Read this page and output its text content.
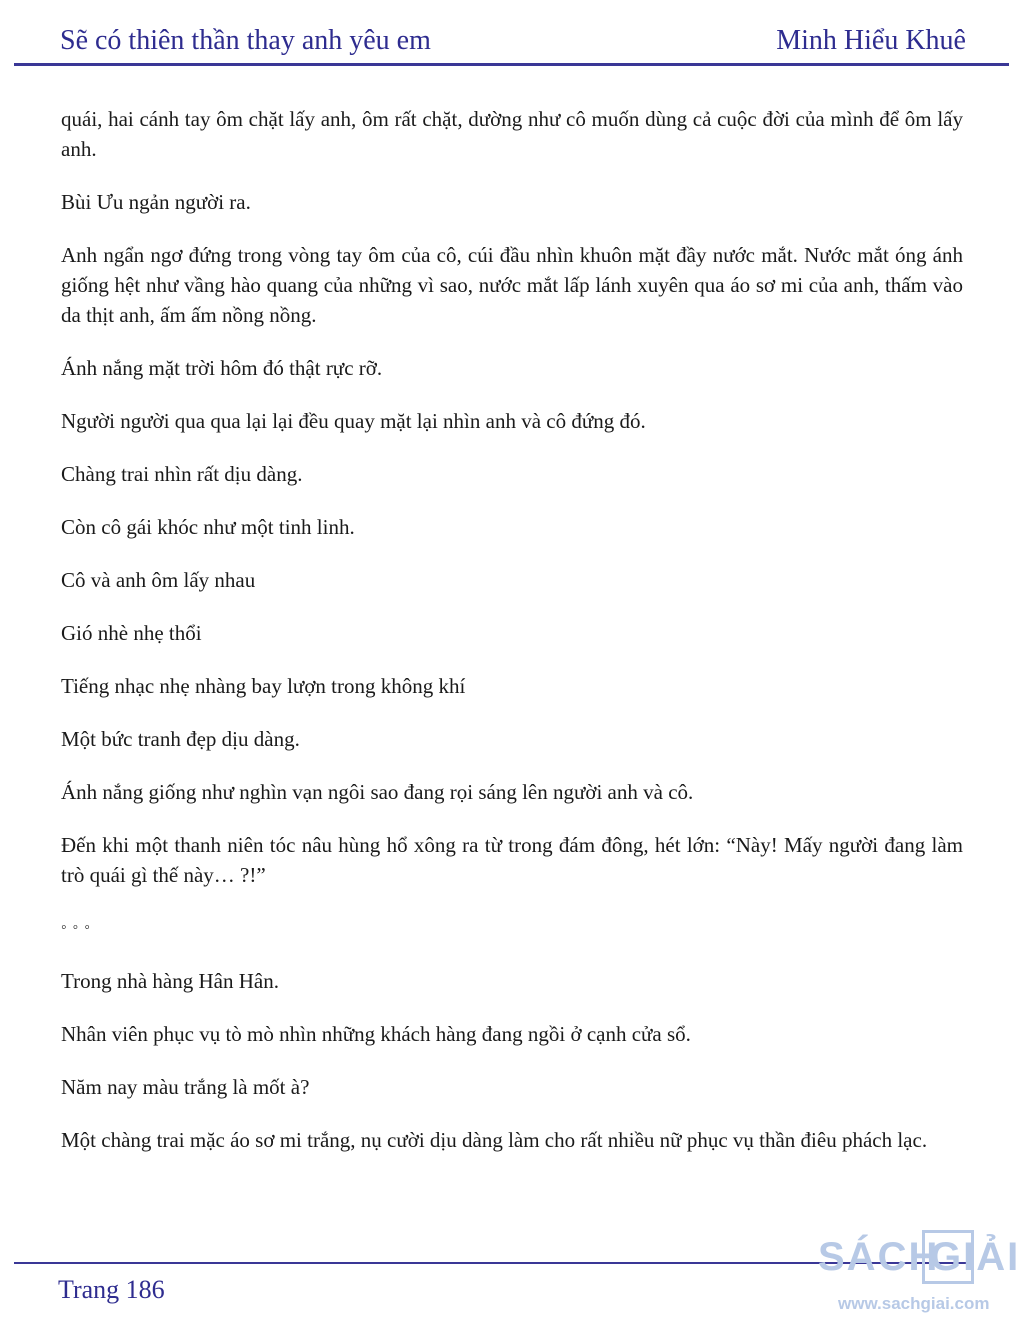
Sẽ có thiên thần thay anh yêu em	Minh Hiểu Khuê

quái, hai cánh tay ôm chặt lấy anh, ôm rất chặt, dường như cô muốn dùng cả cuộc đời của mình để ôm lấy anh.

Bùi Ưu ngản người ra.

Anh ngẩn ngơ đứng trong vòng tay ôm của cô, cúi đầu nhìn khuôn mặt đầy nước mắt. Nước mắt óng ánh giống hệt như vầng hào quang của những vì sao, nước mắt lấp lánh xuyên qua áo sơ mi của anh, thấm vào da thịt anh, ấm ấm nồng nồng.

Ánh nắng mặt trời hôm đó thật rực rỡ.

Người người qua qua lại lại đều quay mặt lại nhìn anh và cô đứng đó.

Chàng trai nhìn rất dịu dàng.

Còn cô gái khóc như một tinh linh.

Cô và anh ôm lấy nhau

Gió nhè nhẹ thổi

Tiếng nhạc nhẹ nhàng bay lượn trong không khí

Một bức tranh đẹp dịu dàng.

Ánh nắng giống như nghìn vạn ngôi sao đang rọi sáng lên người anh và cô.

Đến khi một thanh niên tóc nâu hùng hổ xông ra từ trong đám đông, hét lớn: “Này! Mấy người đang làm trò quái gì thế này… ?!”

◦ ◦ ◦

Trong nhà hàng Hân Hân.

Nhân viên phục vụ tò mò nhìn những khách hàng đang ngồi ở cạnh cửa sổ.

Năm nay màu trắng là mốt à?

Một chàng trai mặc áo sơ mi trắng, nụ cười dịu dàng làm cho rất nhiều nữ phục vụ thần điêu phách lạc.

Trang 186
SÁCH
GIẢI
www.sachgiai.com
